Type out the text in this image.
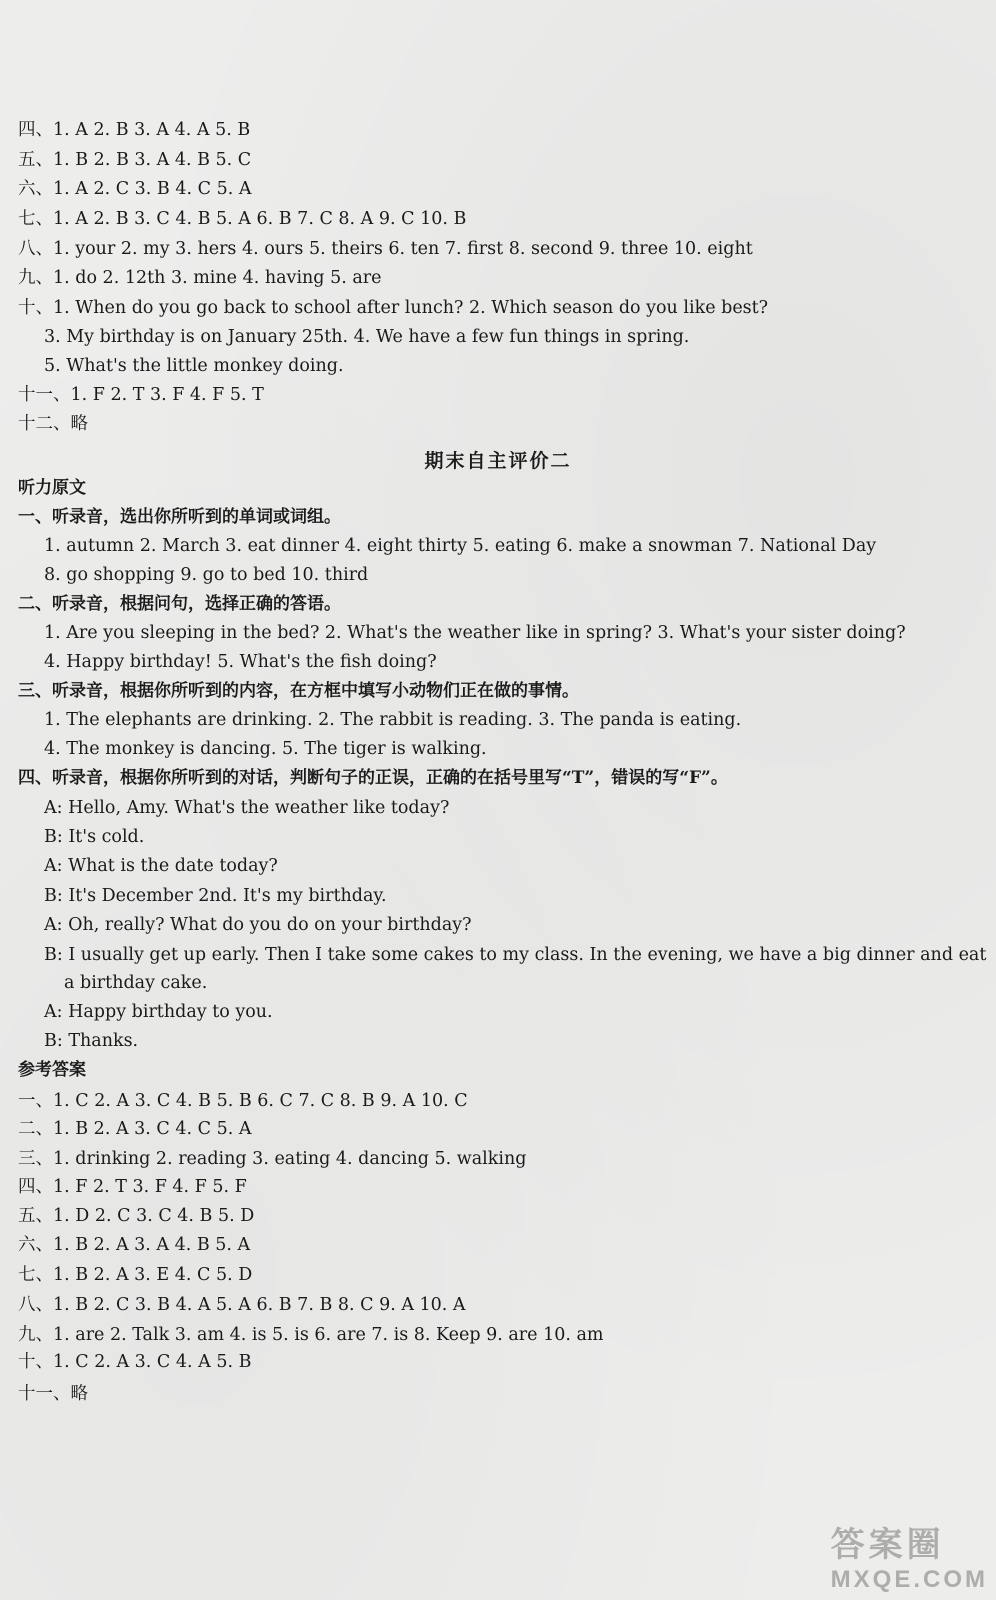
四、1. A 2. B 3. A 4. A 5. B
五、1. B 2. B 3. A 4. B 5. C
六、1. A 2. C 3. B 4. C 5. A
七、1. A 2. B 3. C 4. B 5. A 6. B 7. C 8. A 9. C 10. B
八、1. your 2. my 3. hers 4. ours 5. theirs 6. ten 7. first 8. second 9. three 10. eight
九、1. do 2. 12th 3. mine 4. having 5. are
十、1. When do you go back to school after lunch? 2. Which season do you like best?
3. My birthday is on January 25th. 4. We have a few fun things in spring.
5. What's the little monkey doing.
十一、1. F 2. T 3. F 4. F 5. T
十二、略
期末自主评价二
听力原文
一、听录音，选出你所听到的单词或词组。
1. autumn 2. March 3. eat dinner 4. eight thirty 5. eating 6. make a snowman 7. National Day
8. go shopping 9. go to bed 10. third
二、听录音，根据问句，选择正确的答语。
1. Are you sleeping in the bed? 2. What's the weather like in spring? 3. What's your sister doing?
4. Happy birthday! 5. What's the fish doing?
三、听录音，根据你所听到的内容，在方框中填写小动物们正在做的事情。
1. The elephants are drinking. 2. The rabbit is reading. 3. The panda is eating.
4. The monkey is dancing. 5. The tiger is walking.
四、听录音，根据你所听到的对话，判断句子的正误，正确的在括号里写“T”，错误的写“F”。
A: Hello, Amy. What's the weather like today?
B: It's cold.
A: What is the date today?
B: It's December 2nd. It's my birthday.
A: Oh, really? What do you do on your birthday?
B: I usually get up early. Then I take some cakes to my class. In the evening, we have a big dinner and eat
a birthday cake.
A: Happy birthday to you.
B: Thanks.
参考答案
一、1. C 2. A 3. C 4. B 5. B 6. C 7. C 8. B 9. A 10. C
二、1. B 2. A 3. C 4. C 5. A
三、1. drinking 2. reading 3. eating 4. dancing 5. walking
四、1. F 2. T 3. F 4. F 5. F
五、1. D 2. C 3. C 4. B 5. D
六、1. B 2. A 3. A 4. B 5. A
七、1. B 2. A 3. E 4. C 5. D
八、1. B 2. C 3. B 4. A 5. A 6. B 7. B 8. C 9. A 10. A
九、1. are 2. Talk 3. am 4. is 5. is 6. are 7. is 8. Keep 9. are 10. am
十、1. C 2. A 3. C 4. A 5. B
十一、略
答案圈
MXQE.COM
